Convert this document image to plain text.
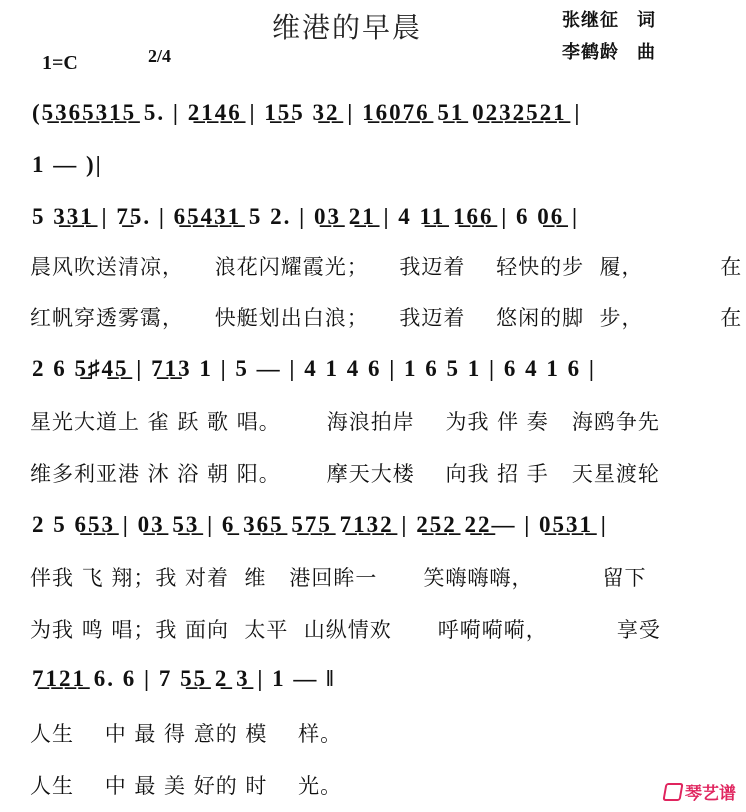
维港的早晨	张继征 词
李鹤龄 曲
1=C	2/4
(5̲3̲6̲5̲3̲1̲5̲ 5. | 2̲1̲4̲6̲ | 1̲5̲5 3̲2̲ | 1̲6̲0̲7̲6̲ 5̲1̲ 0̲2̲3̲2̲5̲2̲1̲ |
1 — )|
5 3̲3̲1̲ | 7̲5. | 6̲5̲4̲3̲1̲ 5 2. | 0̲3̲ 2̲1̲ | 4 1̲1̲ 1̲6̲6̲ | 6 0̲6̲ |
晨风吹送清凉，    浪花闪耀霞光；    我迈着    轻快的步  履，          在
红帆穿透雾霭，    快艇划出白浪；    我迈着    悠闲的脚  步，          在
2 6 5̲♯4̲5̲ | 7̲1̲3 1 | 5 — | 4 1 4 6 | 1 6 5 1 | 6 4 1 6 |
星光大道上 雀 跃 歌 唱。      海浪拍岸    为我 伴 奏   海鸥争先
维多利亚港 沐 浴 朝 阳。      摩天大楼    向我 招 手   天星渡轮
2 5 6̲5̲3̲ | 0̲3̲ 5̲3̲ | 6̲ 3̲6̲5̲ 5̲7̲5̲ 7̲1̲3̲2̲ | 2̲5̲2̲ 2̲2̲— | 0̲5̲3̲1̲ |
伴我 飞 翔；我 对着  维   港回眸一      笑嗨嗨嗨，         留下
为我 鸣 唱；我 面向  太平  山纵情欢      呼嗬嗬嗬，         享受
7̲1̲2̲1̲ 6. 6 | 7 5̲5̲ 2̲ 3̲ | 1 — ‖
人生    中 最 得 意的 模    样。
人生    中 最 美 好的 时    光。	琴艺谱
